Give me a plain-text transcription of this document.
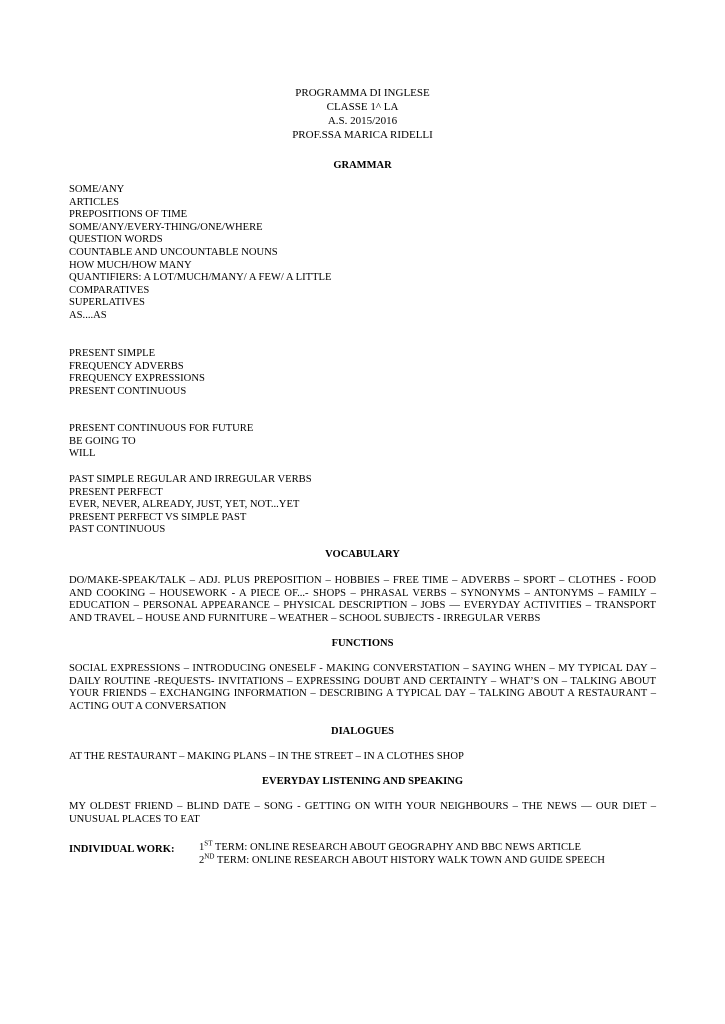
PROGRAMMA DI INGLESE
CLASSE 1^ LA
A.S. 2015/2016
PROF.SSA MARICA RIDELLI
GRAMMAR
SOME/ANY
ARTICLES
PREPOSITIONS OF TIME
SOME/ANY/EVERY-THING/ONE/WHERE
QUESTION WORDS
COUNTABLE AND UNCOUNTABLE NOUNS
HOW MUCH/HOW MANY
QUANTIFIERS: A LOT/MUCH/MANY/ A FEW/ A LITTLE
COMPARATIVES
SUPERLATIVES
AS....AS
PRESENT SIMPLE
FREQUENCY ADVERBS
FREQUENCY EXPRESSIONS
PRESENT CONTINUOUS
PRESENT CONTINUOUS FOR FUTURE
BE GOING TO
WILL
PAST SIMPLE REGULAR AND IRREGULAR VERBS
PRESENT PERFECT
EVER, NEVER, ALREADY, JUST, YET, NOT...YET
PRESENT PERFECT VS SIMPLE PAST
PAST CONTINUOUS
VOCABULARY
DO/MAKE-SPEAK/TALK – ADJ. PLUS PREPOSITION – HOBBIES – FREE TIME – ADVERBS – SPORT – CLOTHES - FOOD AND COOKING – HOUSEWORK - A PIECE OF...- SHOPS – PHRASAL VERBS – SYNONYMS – ANTONYMS – FAMILY – EDUCATION – PERSONAL APPEARANCE – PHYSICAL DESCRIPTION – JOBS — EVERYDAY ACTIVITIES – TRANSPORT AND TRAVEL – HOUSE AND FURNITURE – WEATHER – SCHOOL SUBJECTS - IRREGULAR VERBS
FUNCTIONS
SOCIAL EXPRESSIONS – INTRODUCING ONESELF - MAKING CONVERSTATION – SAYING WHEN – MY TYPICAL DAY – DAILY ROUTINE -REQUESTS- INVITATIONS – EXPRESSING DOUBT AND CERTAINTY – WHAT’S ON – TALKING ABOUT YOUR FRIENDS – EXCHANGING INFORMATION – DESCRIBING A TYPICAL DAY – TALKING ABOUT A RESTAURANT – ACTING OUT A CONVERSATION
DIALOGUES
AT THE RESTAURANT – MAKING PLANS – IN THE STREET – IN A CLOTHES SHOP
EVERYDAY LISTENING AND SPEAKING
MY OLDEST FRIEND – BLIND DATE – SONG - GETTING ON WITH YOUR NEIGHBOURS – THE NEWS — OUR DIET – UNUSUAL PLACES TO EAT
INDIVIDUAL WORK: 1ST TERM: ONLINE RESEARCH ABOUT GEOGRAPHY AND BBC NEWS ARTICLE
2ND TERM: ONLINE RESEARCH ABOUT HISTORY WALK TOWN AND GUIDE SPEECH
